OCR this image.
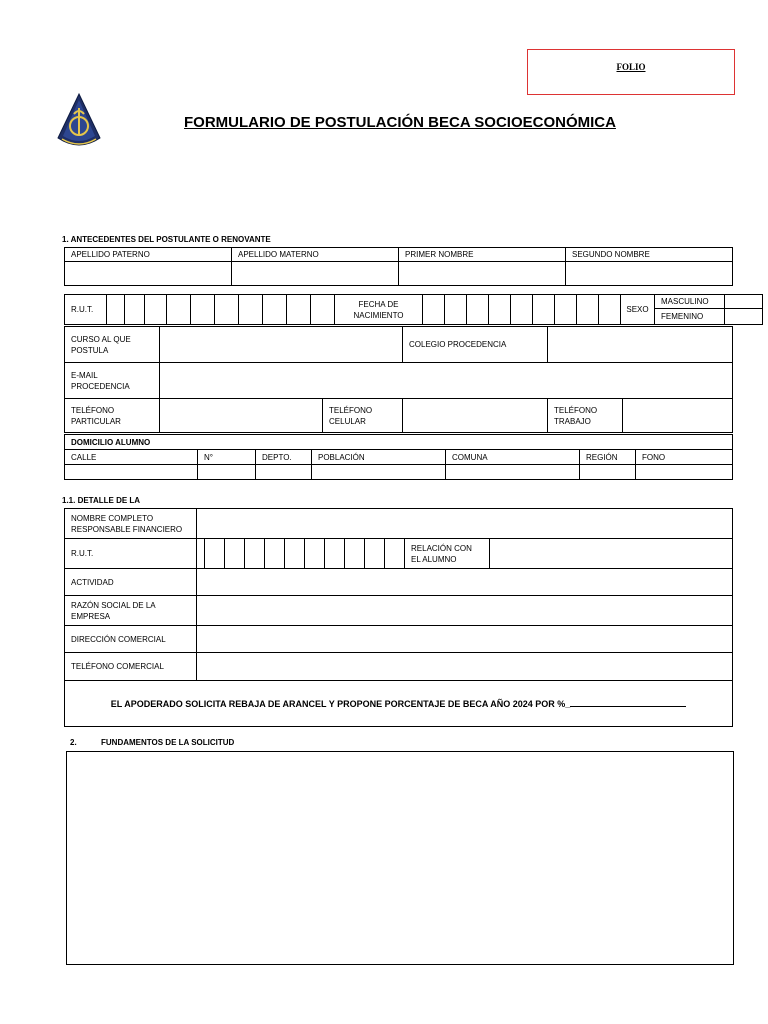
FOLIO
FORMULARIO DE POSTULACIÓN BECA SOCIOECONÓMICA
1. ANTECEDENTES DEL POSTULANTE O RENOVANTE
APELLIDO PATERNO	APELLIDO MATERNO	PRIMER NOMBRE	SEGUNDO NOMBRE

R.U.T.											FECHA DE NACIMIENTO										SEXO	MASCULINO	
																						FEMENINO	
CURSO AL QUE POSTULA			COLEGIO PROCEDENCIA		
E-MAIL PROCEDENCIA					
TELÉFONO PARTICULAR		TELÉFONO CELULAR		TELÉFONO TRABAJO	
DOMICILIO ALUMNO						
CALLE	N°	DEPTO.	POBLACIÓN	COMUNA	REGIÓN	FONO

1.1. DETALLE DE LA
NOMBRE COMPLETO RESPONSABLE FINANCIERO													
R.U.T.												RELACIÓN CON EL ALUMNO	
ACTIVIDAD													
RAZÓN SOCIAL DE LA EMPRESA													
DIRECCIÓN COMERCIAL													
TELÉFONO COMERCIAL													
EL APODERADO SOLICITA REBAJA DE ARANCEL Y PROPONE PORCENTAJE DE BECA AÑO 2024 POR %_													
2.	FUNDAMENTOS DE LA SOLICITUD
